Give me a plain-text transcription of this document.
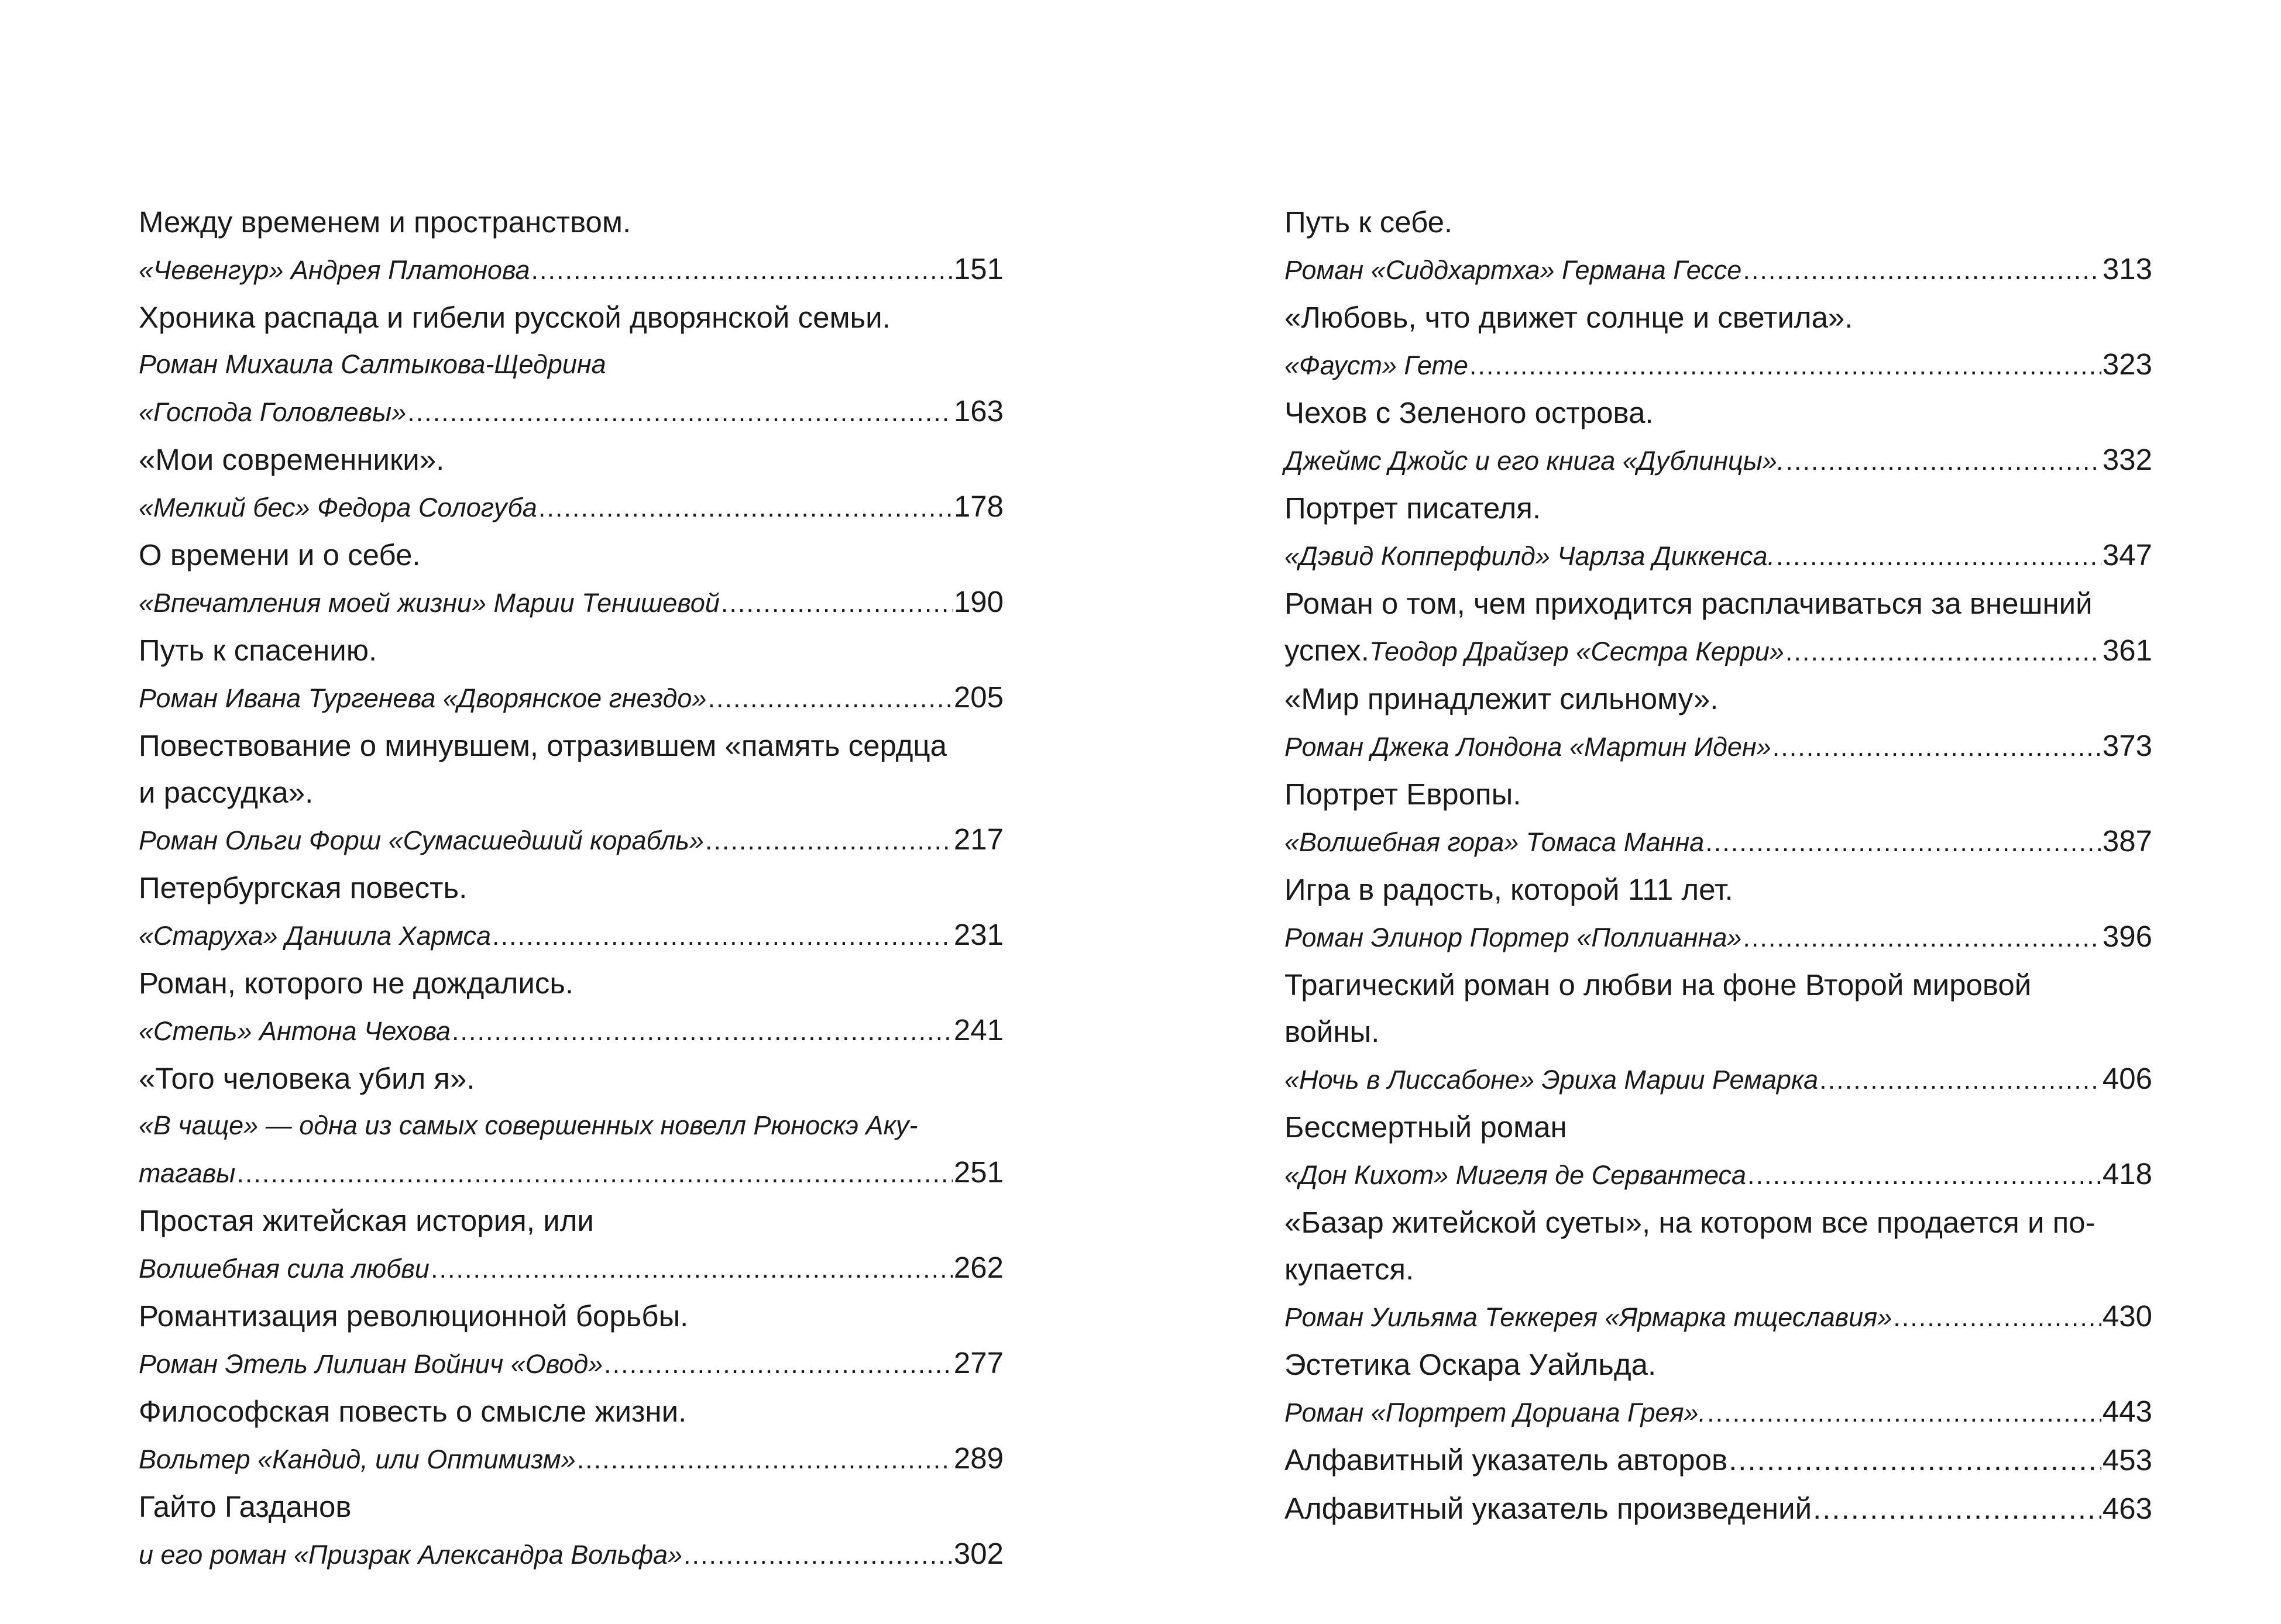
Между временем и пространством.
«Чевенгур» Андрея Платонова .....	151
Хроника распада и гибели русской дворянской семьи.
Роман Михаила Салтыкова-Щедрина
«Господа Головлевы» .....	163
«Мои современники».
«Мелкий бес» Федора Сологуба .....	178
О времени и о себе.
«Впечатления моей жизни» Марии Тенишевой .....	190
Путь к спасению.
Роман Ивана Тургенева «Дворянское гнездо» .....	205
Повествование о минувшем, отразившем «память сердца
и рассудка».
Роман Ольги Форш «Сумасшедший корабль» .....	217
Петербургская повесть.
«Старуха» Даниила Хармса .....	231
Роман, которого не дождались.
«Степь» Антона Чехова .....	241
«Того человека убил я».
«В чаще» — одна из самых совершенных новелл Рюноскэ Аку-
тагавы .....	251
Простая житейская история, или
Волшебная сила любви .....	262
Романтизация революционной борьбы.
Роман Этель Лилиан Войнич «Овод» .....	277
Философская повесть о смысле жизни.
Вольтер «Кандид, или Оптимизм» .....	289
Гайто Газданов
и его роман «Призрак Александра Вольфа» .....	302
Путь к себе.
Роман «Сиддхартха» Германа Гессе .....	313
«Любовь, что движет солнце и светила».
«Фауст» Гете .....	323
Чехов с Зеленого острова.
Джеймс Джойс и его книга «Дублинцы». .....	332
Портрет писателя.
«Дэвид Копперфилд» Чарлза Диккенса. .....	347
Роман о том, чем приходится расплачиваться за внешний
успех. Теодор Драйзер «Сестра Керри» .....	361
«Мир принадлежит сильному».
Роман Джека Лондона «Мартин Иден» .....	373
Портрет Европы.
«Волшебная гора» Томаса Манна .....	387
Игра в радость, которой 111 лет.
Роман Элинор Портер «Поллианна» .....	396
Трагический роман о любви на фоне Второй мировой
войны.
«Ночь в Лиссабоне» Эриха Марии Ремарка .....	406
Бессмертный роман
«Дон Кихот» Мигеля де Сервантеса .....	418
«Базар житейской суеты», на котором все продается и по-
купается.
Роман Уильяма Теккерея «Ярмарка тщеславия» .....	430
Эстетика Оскара Уайльда.
Роман «Портрет Дориана Грея». .....	443
Алфавитный указатель авторов .....	453
Алфавитный указатель произведений .....	463
